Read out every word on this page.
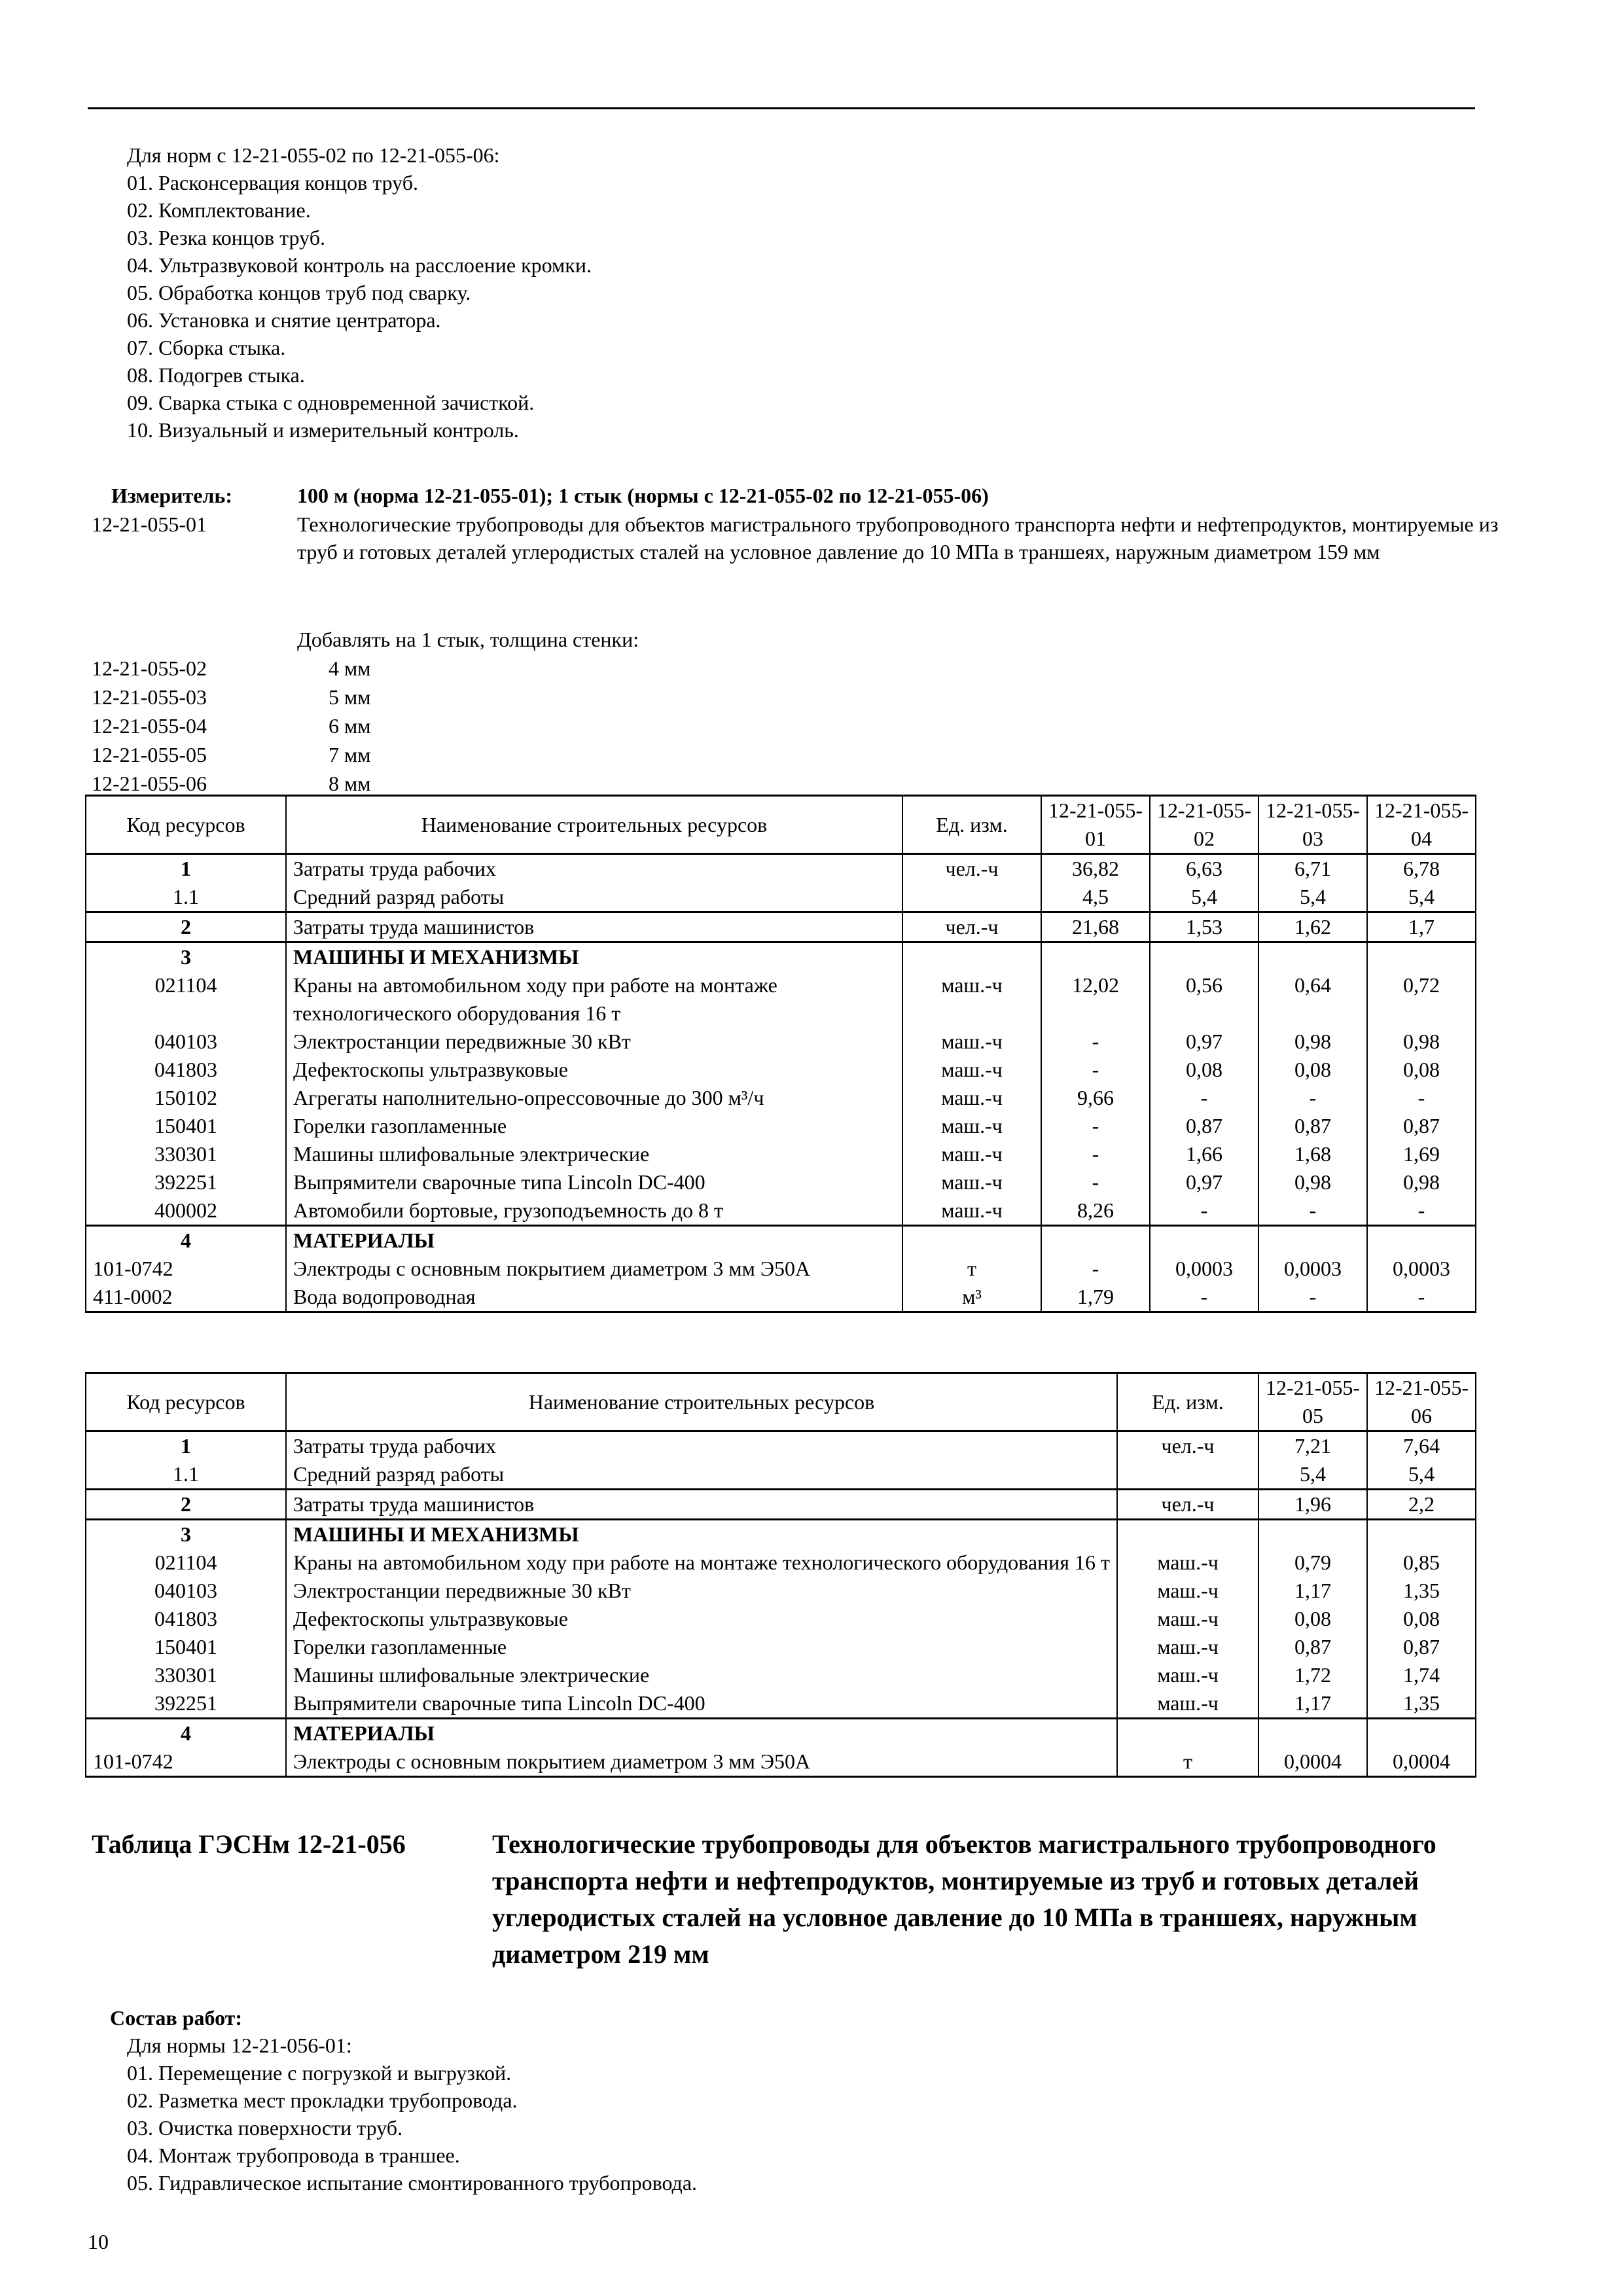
Для норм с 12-21-055-02 по 12-21-055-06:
01. Расконсервация концов труб.
02. Комплектование.
03. Резка концов труб.
04. Ультразвуковой контроль на расслоение кромки.
05. Обработка концов труб под сварку.
06. Установка и снятие центратора.
07. Сборка стыка.
08. Подогрев стыка.
09. Сварка стыка с одновременной зачисткой.
10. Визуальный и измерительный контроль.
Измеритель:	100 м (норма 12-21-055-01); 1 стык (нормы с 12-21-055-02 по 12-21-055-06)
12-21-055-01	Технологические трубопроводы для объектов магистрального трубопроводного транспорта нефти и нефтепродуктов, монтируемые из труб и готовых деталей углеродистых сталей на условное давление до 10 МПа в траншеях, наружным диаметром 159 мм
Добавлять на 1 стык, толщина стенки:
12-21-055-02	4 мм
12-21-055-03	5 мм
12-21-055-04	6 мм
12-21-055-05	7 мм
12-21-055-06	8 мм
Код ресурсов	Наименование строительных ресурсов	Ед. изм.	12-21-055-01	12-21-055-02	12-21-055-03	12-21-055-04
1	Затраты труда рабочих	чел.-ч	36,82	6,63	6,71	6,78
1.1	Средний разряд работы		4,5	5,4	5,4	5,4
2	Затраты труда машинистов	чел.-ч	21,68	1,53	1,62	1,7
3	МАШИНЫ И МЕХАНИЗМЫ					
021104	Краны на автомобильном ходу при работе на монтаже технологического оборудования 16 т	маш.-ч	12,02	0,56	0,64	0,72
040103	Электростанции передвижные 30 кВт	маш.-ч	-	0,97	0,98	0,98
041803	Дефектоскопы ультразвуковые	маш.-ч	-	0,08	0,08	0,08
150102	Агрегаты наполнительно-опрессовочные до 300 м³/ч	маш.-ч	9,66	-	-	-
150401	Горелки газопламенные	маш.-ч	-	0,87	0,87	0,87
330301	Машины шлифовальные электрические	маш.-ч	-	1,66	1,68	1,69
392251	Выпрямители сварочные типа Lincoln DC-400	маш.-ч	-	0,97	0,98	0,98
400002	Автомобили бортовые, грузоподъемность до 8 т	маш.-ч	8,26	-	-	-
4	МАТЕРИАЛЫ					
101-0742	Электроды с основным покрытием диаметром 3 мм Э50А	т	-	0,0003	0,0003	0,0003
411-0002	Вода водопроводная	м³	1,79	-	-	-
Код ресурсов	Наименование строительных ресурсов	Ед. изм.	12-21-055-05	12-21-055-06
1	Затраты труда рабочих	чел.-ч	7,21	7,64
1.1	Средний разряд работы		5,4	5,4
2	Затраты труда машинистов	чел.-ч	1,96	2,2
3	МАШИНЫ И МЕХАНИЗМЫ			
021104	Краны на автомобильном ходу при работе на монтаже технологического оборудования 16 т	маш.-ч	0,79	0,85
040103	Электростанции передвижные 30 кВт	маш.-ч	1,17	1,35
041803	Дефектоскопы ультразвуковые	маш.-ч	0,08	0,08
150401	Горелки газопламенные	маш.-ч	0,87	0,87
330301	Машины шлифовальные электрические	маш.-ч	1,72	1,74
392251	Выпрямители сварочные типа Lincoln DC-400	маш.-ч	1,17	1,35
4	МАТЕРИАЛЫ			
101-0742	Электроды с основным покрытием диаметром 3 мм Э50А	т	0,0004	0,0004
Таблица ГЭСНм 12-21-056	Технологические трубопроводы для объектов магистрального трубопроводного транспорта нефти и нефтепродуктов, монтируемые из труб и готовых деталей углеродистых сталей на условное давление до 10 МПа в траншеях, наружным диаметром 219 мм
Состав работ:
Для нормы 12-21-056-01:
01. Перемещение с погрузкой и выгрузкой.
02. Разметка мест прокладки трубопровода.
03. Очистка поверхности труб.
04. Монтаж трубопровода в траншее.
05. Гидравлическое испытание смонтированного трубопровода.
10
